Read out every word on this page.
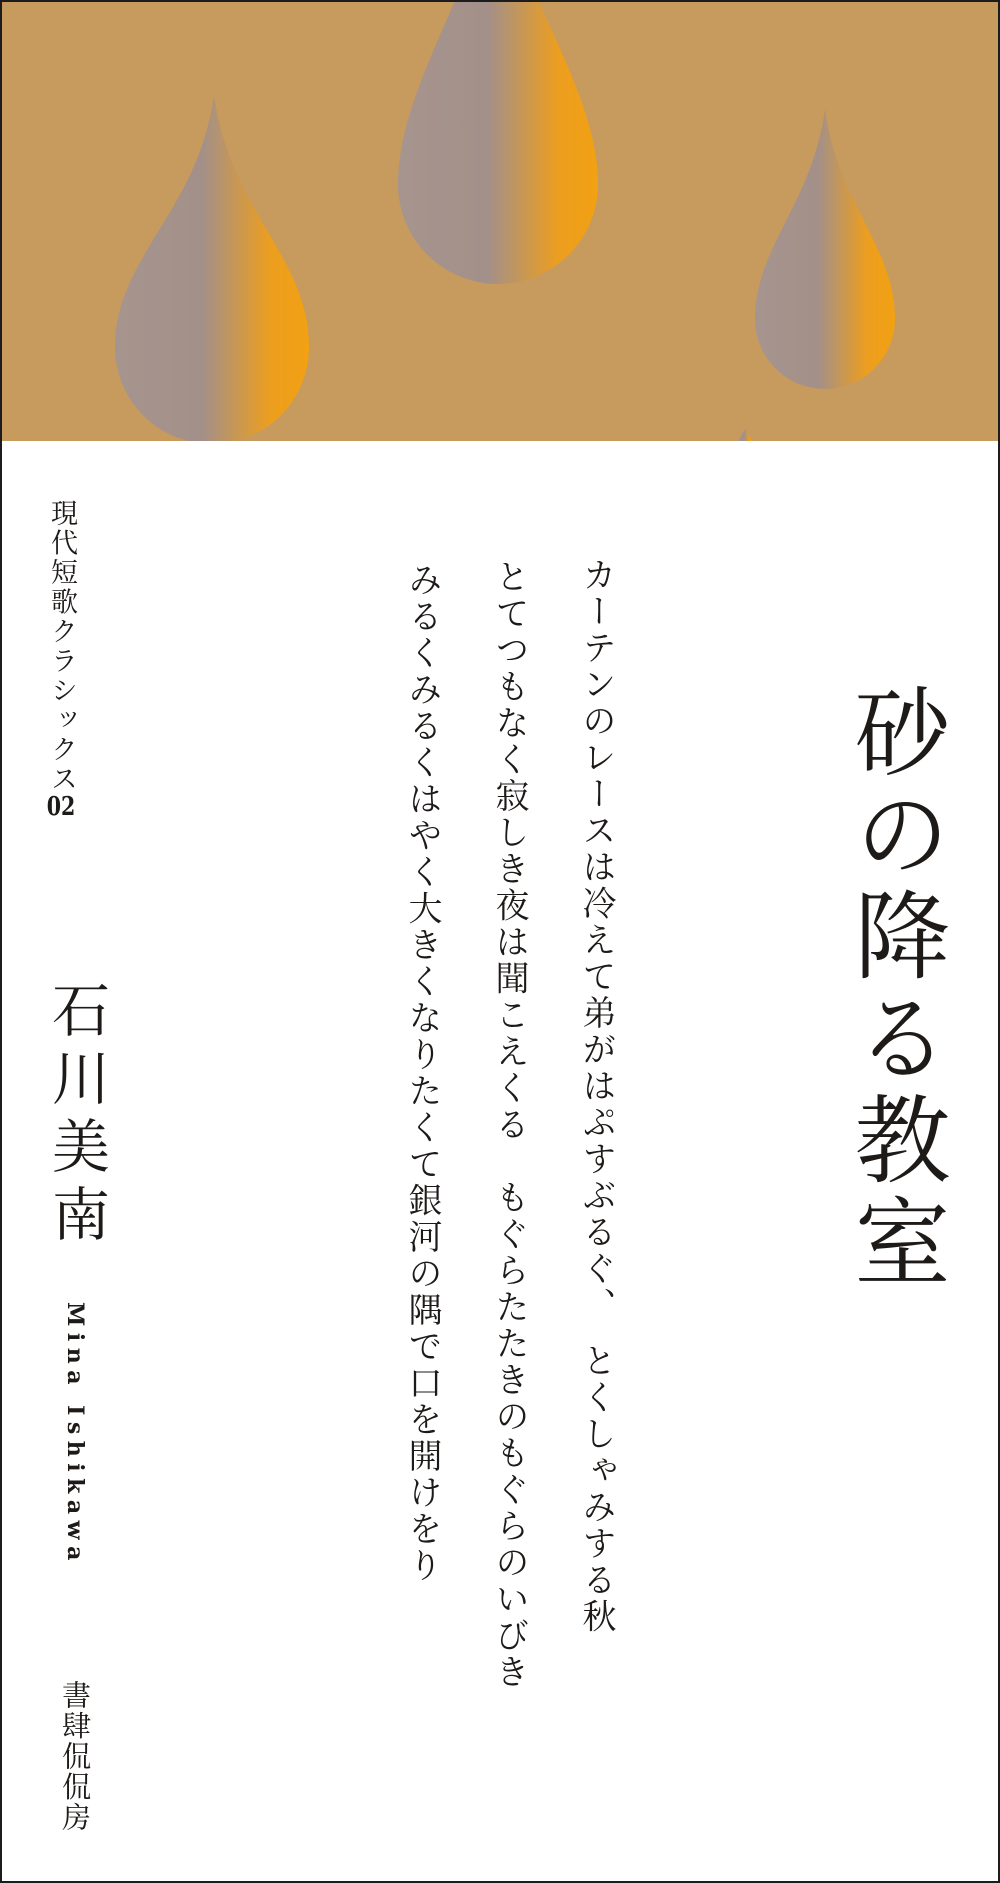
現代短歌クラシックス02	砂の降る教室
カーテンのレースは冷えて弟がはぷすぶるぐ、　とくしゃみする秋
とてつもなく寂しき夜は聞こえくる　もぐらたたきのもぐらのいびき
みるくみるくはやく大きくなりたくて銀河の隅で口を開けをり
石川美南
Mina Ishikawa
書肆侃侃房
